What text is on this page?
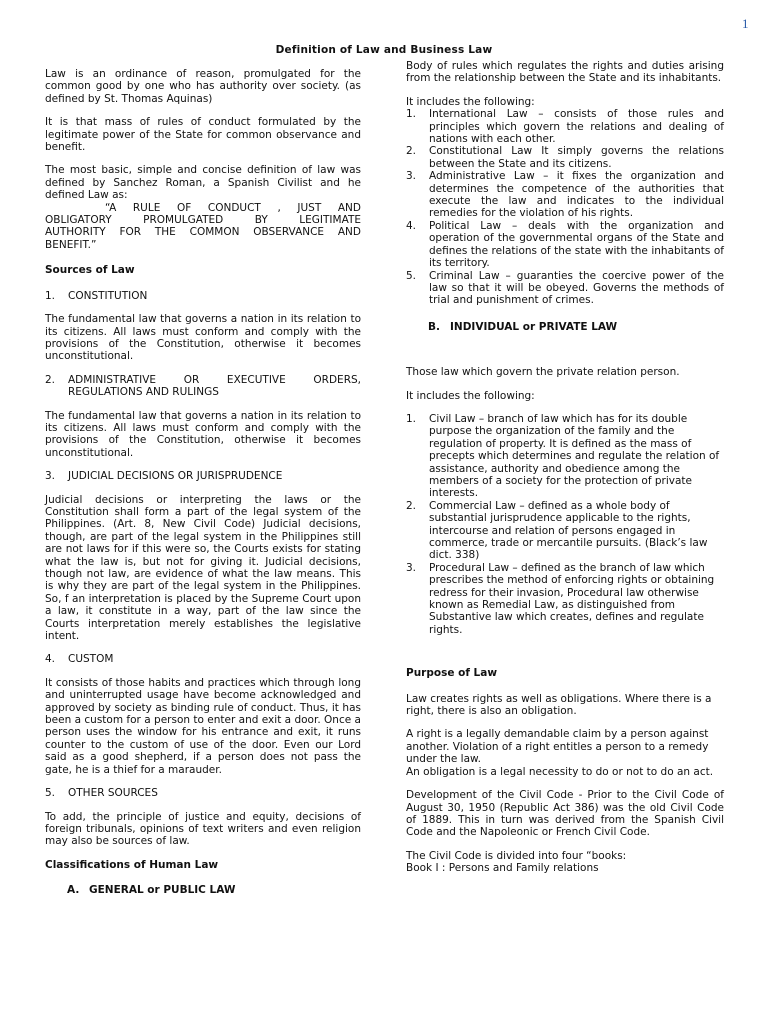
1
Definition of Law and Business Law

Law is an ordinance of reason, promulgated for the common good by one who has authority over society. (as defined by St. Thomas Aquinas)

It is that mass of rules of conduct formulated by the legitimate power of the State for common observance and benefit.

The most basic, simple and concise definition of law was defined by Sanchez Roman, a Spanish Civilist and he defined Law as:

“A RULE OF CONDUCT , JUST AND

OBLIGATORY PROMULGATED BY LEGITIMATE

AUTHORITY FOR THE COMMON OBSERVANCE AND

BENEFIT.”

Sources of Law
1.	CONSTITUTION

The fundamental law that governs a nation in its relation to its citizens. All laws must conform and comply with the provisions of the Constitution, otherwise it becomes unconstitutional.

2.	ADMINISTRATIVE OR EXECUTIVE ORDERS, REGULATIONS AND RULINGS

The fundamental law that governs a nation in its relation to its citizens. All laws must conform and comply with the provisions of the Constitution, otherwise it becomes unconstitutional.

3.	JUDICIAL DECISIONS OR JURISPRUDENCE

Judicial decisions or interpreting the laws or the Constitution shall form a part of the legal system of the Philippines. (Art. 8, New Civil Code) Judicial decisions, though, are part of the legal system in the Philippines still are not laws for if this were so, the Courts exists for stating what the law is, but not for giving it. Judicial decisions, though not law, are evidence of what the law means. This is why they are part of the legal system in the Philippines. So, f an interpretation is placed by the Supreme Court upon a law, it constitute in a way, part of the law since the Courts interpretation merely establishes the legislative intent.

4.	CUSTOM

It consists of those habits and practices which through long and uninterrupted usage have become acknowledged and approved by society as binding rule of conduct. Thus, it has been a custom for a person to enter and exit a door. Once a person uses the window for his entrance and exit, it runs counter to the custom of use of the door. Even our Lord said as a good shepherd, if a person does not pass the gate, he is a thief for a marauder.

5.	OTHER SOURCES

To add, the principle of justice and equity, decisions of foreign tribunals, opinions of text writers and even religion may also be sources of law.

Classifications of Human Law
A. GENERAL or PUBLIC LAW

Body of rules which regulates the rights and duties arising from the relationship between the State and its inhabitants.

It includes the following:

1.	International Law – consists of those rules and principles which govern the relations and dealing of nations with each other.
2.	Constitutional Law It simply governs the relations between the State and its citizens.
3.	Administrative Law – it fixes the organization and determines the competence of the authorities that execute the law and indicates to the individual remedies for the violation of his rights.
4.	Political Law – deals with the organization and operation of the governmental organs of the State and defines the relations of the state with the inhabitants of its territory.
5.	Criminal Law – guaranties the coercive power of the law so that it will be obeyed. Governs the methods of trial and punishment of crimes.
B. INDIVIDUAL or PRIVATE LAW

Those law which govern the private relation person.

It includes the following:

1.	Civil Law – branch of law which has for its double purpose the organization of the family and the regulation of property. It is defined as the mass of precepts which determines and regulate the relation of assistance, authority and obedience among the members of a society for the protection of private interests.
2.	Commercial Law – defined as a whole body of substantial jurisprudence applicable to the rights, intercourse and relation of persons engaged in commerce, trade or mercantile pursuits. (Black’s law dict. 338)
3.	Procedural Law – defined as the branch of law which prescribes the method of enforcing rights or obtaining redress for their invasion, Procedural law otherwise known as Remedial Law, as distinguished from Substantive law which creates, defines and regulate rights.
Purpose of Law

Law creates rights as well as obligations. Where there is a right, there is also an obligation.

A right is a legally demandable claim by a person against another. Violation of a right entitles a person to a remedy under the law.

An obligation is a legal necessity to do or not to do an act.

Development of the Civil Code - Prior to the Civil Code of August 30, 1950 (Republic Act 386) was the old Civil Code of 1889. This in turn was derived from the Spanish Civil Code and the Napoleonic or French Civil Code.

The Civil Code is divided into four “books:

Book I : Persons and Family relations
